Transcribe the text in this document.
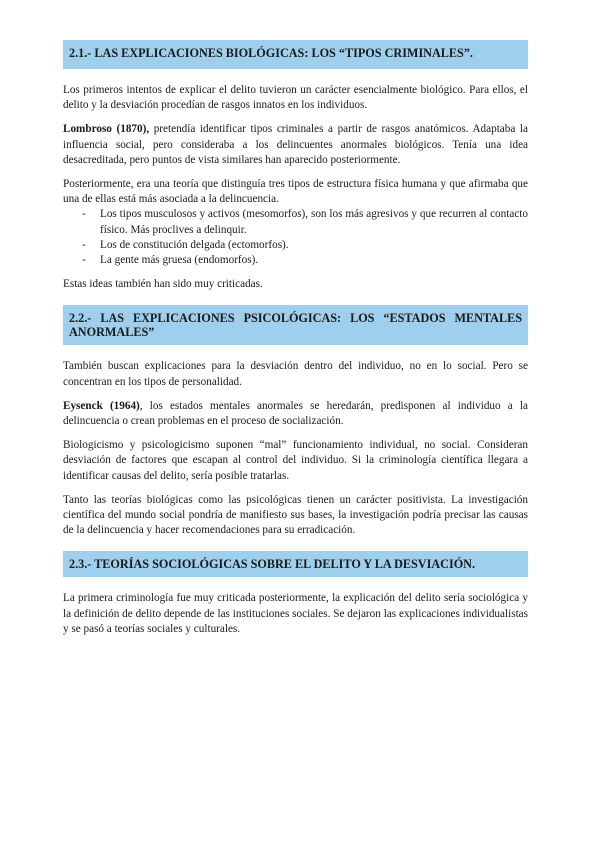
2.1.- LAS EXPLICACIONES BIOLÓGICAS: LOS “TIPOS CRIMINALES”.

Los primeros intentos de explicar el delito tuvieron un carácter esencialmente biológico. Para ellos, el delito y la desviación procedían de rasgos innatos en los individuos.

Lombroso (1870), pretendía identificar tipos criminales a partir de rasgos anatómicos. Adaptaba la influencia social, pero consideraba a los delincuentes anormales biológicos. Tenía una idea desacreditada, pero puntos de vista similares han aparecido posteriormente.

Posteriormente, era una teoría que distinguía tres tipos de estructura física humana y que afirmaba que una de ellas está más asociada a la delincuencia.

- Los tipos musculosos y activos (mesomorfos), son los más agresivos y que recurren al contacto físico. Más proclives a delinquir.
- Los de constitución delgada (ectomorfos).
- La gente más gruesa (endomorfos).

Estas ideas también han sido muy criticadas.

2.2.- LAS EXPLICACIONES PSICOLÓGICAS: LOS “ESTADOS MENTALES ANORMALES”

También buscan explicaciones para la desviación dentro del individuo, no en lo social. Pero se concentran en los tipos de personalidad.

Eysenck (1964), los estados mentales anormales se heredarán, predisponen al individuo a la delincuencia o crean problemas en el proceso de socialización.

Biologicismo y psicologicismo suponen “mal” funcionamiento individual, no social. Consideran desviación de factores que escapan al control del individuo. Si la criminología científica llegara a identificar causas del delito, sería posible tratarlas.

Tanto las teorías biológicas como las psicológicas tienen un carácter positivista. La investigación científica del mundo social pondría de manifiesto sus bases, la investigación podría precisar las causas de la delincuencia y hacer recomendaciones para su erradicación.

2.3.- TEORÍAS SOCIOLÓGICAS SOBRE EL DELITO Y LA DESVIACIÓN.

La primera criminología fue muy criticada posteriormente, la explicación del delito sería sociológica y la definición de delito depende de las instituciones sociales. Se dejaron las explicaciones individualistas y se pasó a teorías sociales y culturales.
